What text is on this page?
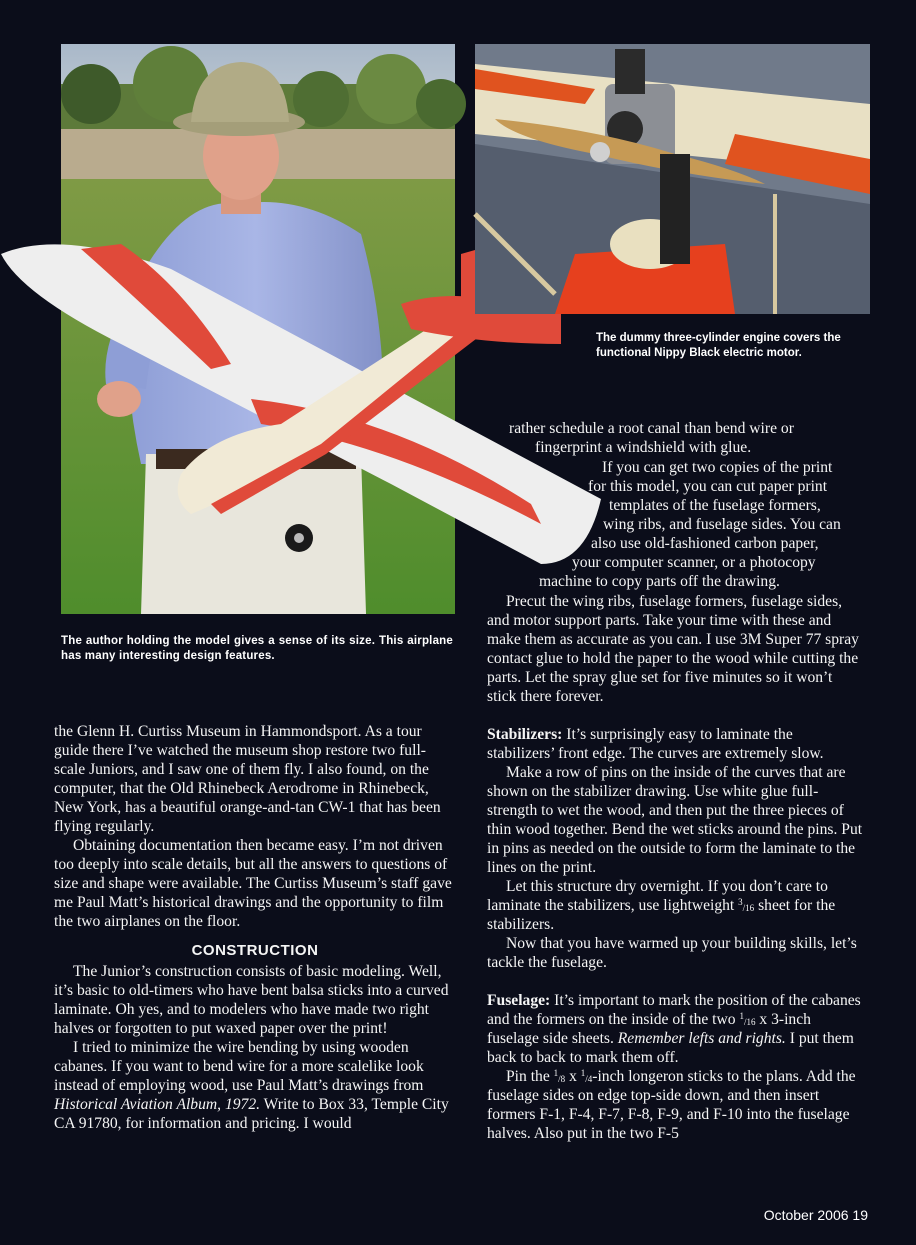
The author holding the model gives a sense of its size. This airplane has many interesting design features.
The dummy three-cylinder engine covers the functional Nippy Black electric motor.
rather schedule a root canal than bend wire or
fingerprint a windshield with glue.
If you can get two copies of the print
for this model, you can cut paper print
templates of the fuselage formers,
wing ribs, and fuselage sides. You can
also use old-fashioned carbon paper,
your computer scanner, or a photocopy
machine to copy parts off the drawing.

the Glenn H. Curtiss Museum in Hammondsport. As a tour guide there I’ve watched the museum shop restore two full-scale Juniors, and I saw one of them fly. I also found, on the computer, that the Old Rhinebeck Aerodrome in Rhinebeck, New York, has a beautiful orange-and-tan CW-1 that has been flying regularly.

Obtaining documentation then became easy. I’m not driven too deeply into scale details, but all the answers to questions of size and shape were available. The Curtiss Museum’s staff gave me Paul Matt’s historical drawings and the opportunity to film the two airplanes on the floor.

CONSTRUCTION

The Junior’s construction consists of basic modeling. Well, it’s basic to old-timers who have bent balsa sticks into a curved laminate. Oh yes, and to modelers who have made two right halves or forgotten to put waxed paper over the print!

I tried to minimize the wire bending by using wooden cabanes. If you want to bend wire for a more scalelike look instead of employing wood, use Paul Matt’s drawings from Historical Aviation Album, 1972. Write to Box 33, Temple City CA 91780, for information and pricing. I would

Precut the wing ribs, fuselage formers, fuselage sides, and motor support parts. Take your time with these and make them as accurate as you can. I use 3M Super 77 spray contact glue to hold the paper to the wood while cutting the parts. Let the spray glue set for five minutes so it won’t stick there forever.

Stabilizers: It’s surprisingly easy to laminate the stabilizers’ front edge. The curves are extremely slow.

Make a row of pins on the inside of the curves that are shown on the stabilizer drawing. Use white glue full-strength to wet the wood, and then put the three pieces of thin wood together. Bend the wet sticks around the pins. Put in pins as needed on the outside to form the laminate to the lines on the print.

Let this structure dry overnight. If you don’t care to laminate the stabilizers, use lightweight $^3_{/16}$ sheet for the stabilizers.

Now that you have warmed up your building skills, let’s tackle the fuselage.

Fuselage: It’s important to mark the position of the cabanes and the formers on the inside of the two $^1_{/16}$ x 3-inch fuselage side sheets. Remember lefts and rights. I put them back to back to mark them off.

Pin the $^1_{/8}$ x $^1_{/4}$-inch longeron sticks to the plans. Add the fuselage sides on edge top-side down, and then insert formers F-1, F-4, F-7, F-8, F-9, and F-10 into the fuselage halves. Also put in the two F-5

October 2006 19
